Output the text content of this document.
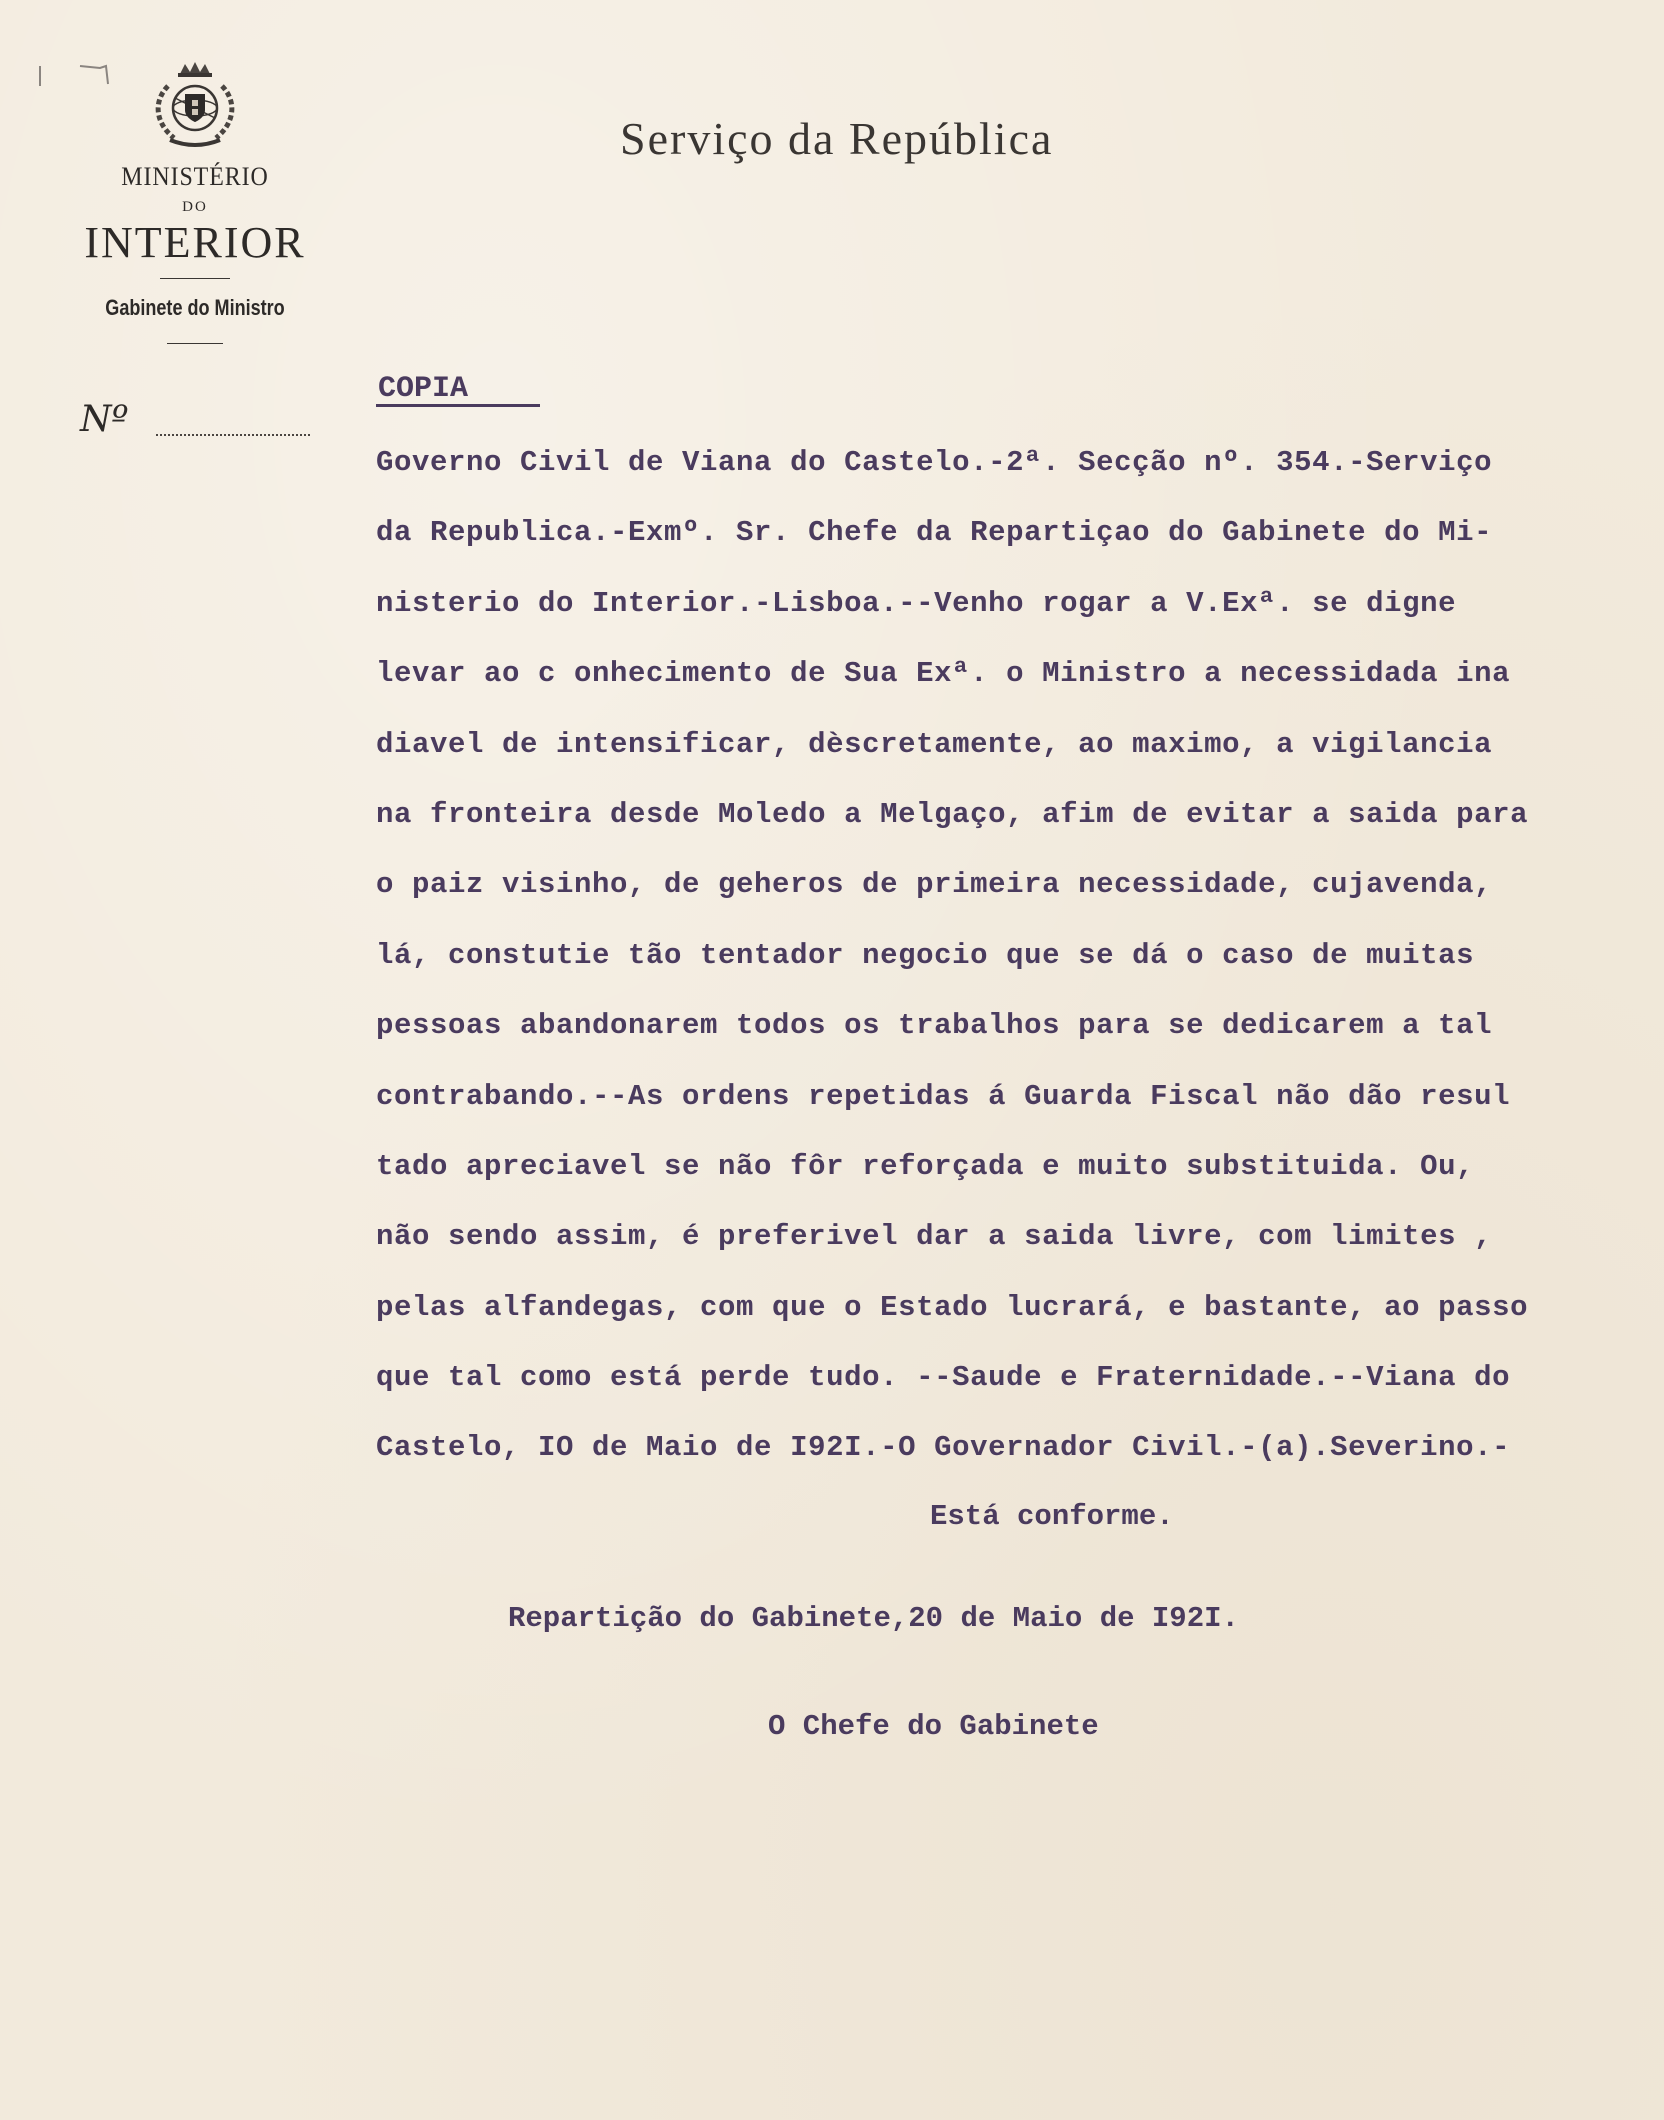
MINISTÉRIO
DO
INTERIOR
Gabinete do Ministro
Nº
Serviço da República
COPIA
Governo Civil de Viana do Castelo.-2ª. Secção nº. 354.-Serviço
da Republica.-Exmº. Sr. Chefe da Repartiçao do Gabinete do Mi-
nisterio do Interior.-Lisboa.--Venho rogar a V.Exª. se digne
levar ao c onhecimento de Sua Exª. o Ministro a necessidada ina
diavel de intensificar, dèscretamente, ao maximo, a vigilancia
na fronteira desde Moledo a Melgaço, afim de evitar a saida para
o paiz visinho, de geheros de primeira necessidade, cujavenda,
lá, constutie tão tentador negocio que se dá o caso de muitas
pessoas abandonarem todos os trabalhos para se dedicarem a tal
contrabando.--As ordens repetidas á Guarda Fiscal não dão resul
tado apreciavel se não fôr reforçada e muito substituida. Ou,
não sendo assim, é preferivel dar a saida livre, com limites ,
pelas alfandegas, com que o Estado lucrará, e bastante, ao passo
que tal como está perde tudo. --Saude e Fraternidade.--Viana do
Castelo, IO de Maio de I92I.-O Governador Civil.-(a).Severino.-
Está conforme.
Repartição do Gabinete,20 de Maio de I92I.
O Chefe do Gabinete
